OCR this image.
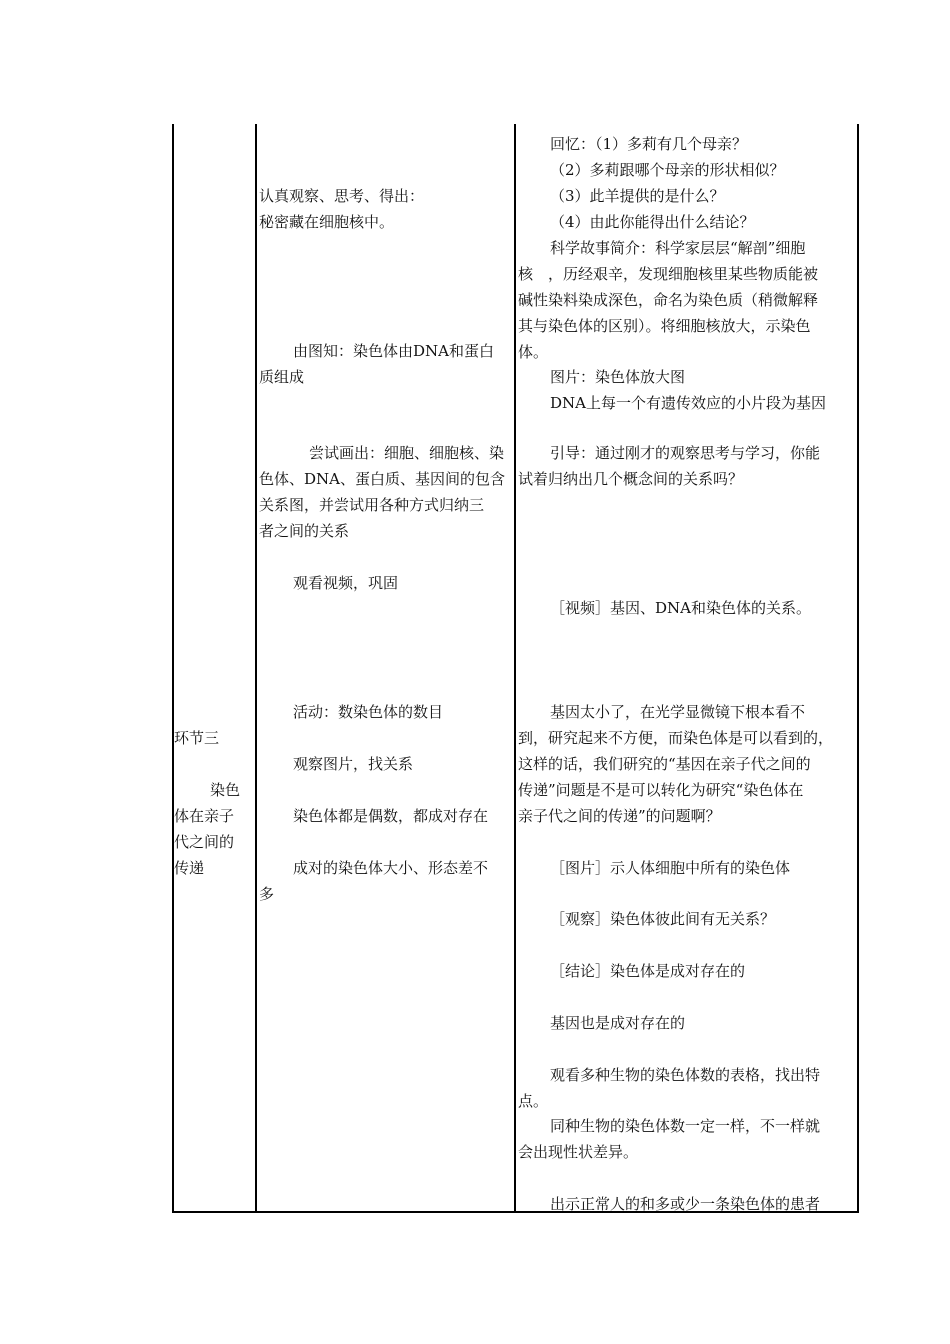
环节三
染色
体在亲子
代之间的
传递
认真观察、思考、得出：
秘密藏在细胞核中。
由图知：染色体由DNA和蛋白
质组成
尝试画出：细胞、细胞核、染
色体、DNA、蛋白质、基因间的包含
关系图，并尝试用各种方式归纳三
者之间的关系
观看视频，巩固
活动：数染色体的数目
观察图片，找关系
染色体都是偶数，都成对存在
成对的染色体大小、形态差不
多
回忆：（1）多莉有几个母亲？
（2）多莉跟哪个母亲的形状相似？
（3）此羊提供的是什么？
（4）由此你能得出什么结论？
科学故事简介：科学家层层“解剖”细胞
核　，历经艰辛，发现细胞核里某些物质能被
碱性染料染成深色，命名为染色质（稍微解释
其与染色体的区别）。将细胞核放大，示染色
体。
图片：染色体放大图
DNA上每一个有遗传效应的小片段为基因
引导：通过刚才的观察思考与学习，你能
试着归纳出几个概念间的关系吗？
［视频］基因、DNA和染色体的关系。
基因太小了，在光学显微镜下根本看不
到，研究起来不方便，而染色体是可以看到的，
这样的话，我们研究的“基因在亲子代之间的
传递”问题是不是可以转化为研究“染色体在
亲子代之间的传递”的问题啊？
［图片］示人体细胞中所有的染色体
［观察］染色体彼此间有无关系？
［结论］染色体是成对存在的
基因也是成对存在的
观看多种生物的染色体数的表格，找出特
点。
同种生物的染色体数一定一样，不一样就
会出现性状差异。
出示正常人的和多或少一条染色体的患者
